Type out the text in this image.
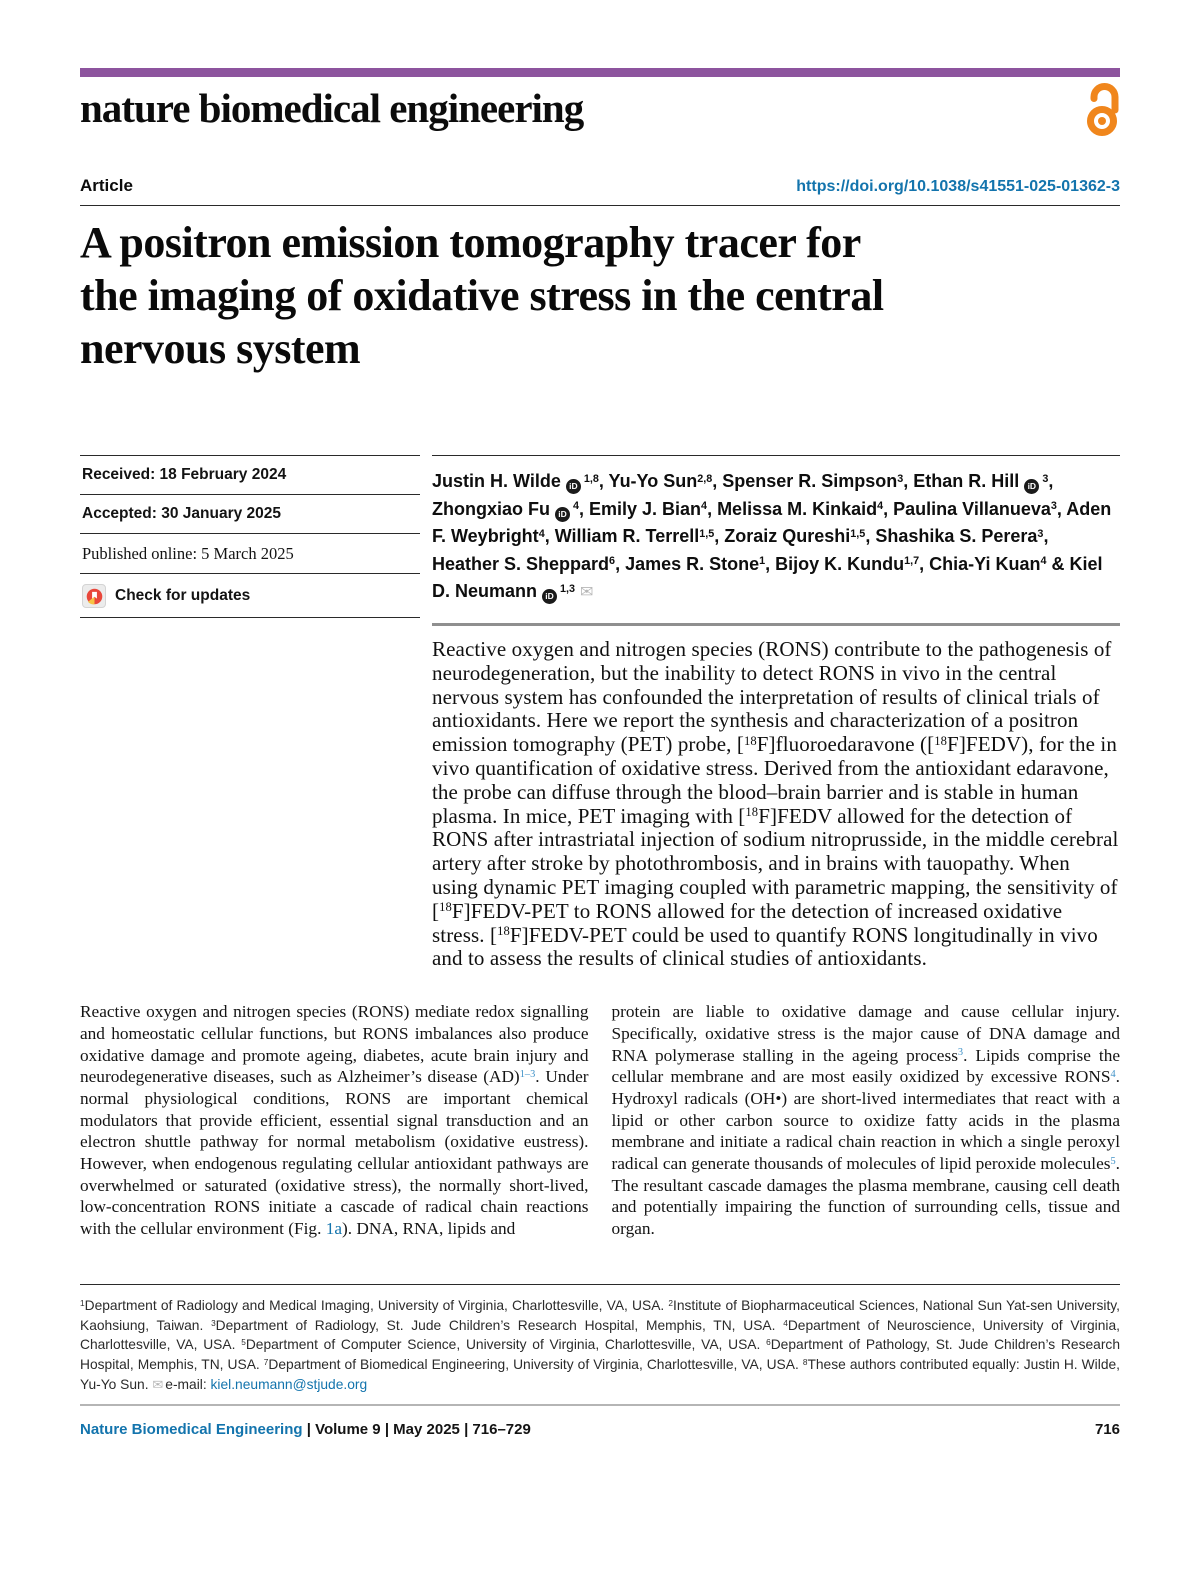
nature biomedical engineering
Article	https://doi.org/10.1038/s41551-025-01362-3
A positron emission tomography tracer for
the imaging of oxidative stress in the central
nervous system
Received: 18 February 2024
Accepted: 30 January 2025
Published online: 5 March 2025
Check for updates
Justin H. Wilde iD$^{1,8}$, Yu-Yo Sun$^{2,8}$, Spenser R. Simpson$^3$, Ethan R. Hill $iD^3$, Zhongxiao Fu $iD^4$, Emily J. Bian$^4$, Melissa M. Kinkaid$^4$, Paulina Villanueva$^3$, Aden F. Weybright$^4$, William R. Terrell$^{1,5}$, Zoraiz Qureshi$^{1,5}$, Shashika S. Perera$^3$, Heather S. Sheppard$^6$, James R. Stone$^1$, Bijoy K. Kundu$^{1,7}$, Chia-Yi Kuan$^4$ & Kiel D. Neumann iD$^{1,3}$ ✉
Reactive oxygen and nitrogen species (RONS) contribute to the pathogenesis of neurodegeneration, but the inability to detect RONS in vivo in the central nervous system has confounded the interpretation of results of clinical trials of antioxidants. Here we report the synthesis and characterization of a positron emission tomography (PET) probe, [$^{18}$F]fluoroedaravone ([$^{18}$F]FEDV), for the in vivo quantification of oxidative stress. Derived from the antioxidant edaravone, the probe can diffuse through the blood–brain barrier and is stable in human plasma. In mice, PET imaging with [$^{18}$F]FEDV allowed for the detection of RONS after intrastriatal injection of sodium nitroprusside, in the middle cerebral artery after stroke by photothrombosis, and in brains with tauopathy. When using dynamic PET imaging coupled with parametric mapping, the sensitivity of [$^{18}$F]FEDV-PET to RONS allowed for the detection of increased oxidative stress. [$^{18}$F]FEDV-PET could be used to quantify RONS longitudinally in vivo and to assess the results of clinical studies of antioxidants.
Reactive oxygen and nitrogen species (RONS) mediate redox signalling and homeostatic cellular functions, but RONS imbalances also produce oxidative damage and promote ageing, diabetes, acute brain injury and neurodegenerative diseases, such as Alzheimer’s disease (AD)$^{1-3}$. Under normal physiological conditions, RONS are important chemical modulators that provide efficient, essential signal transduction and an electron shuttle pathway for normal metabolism (oxidative eustress). However, when endogenous regulating cellular antioxidant pathways are overwhelmed or saturated (oxidative stress), the normally short-lived, low-concentration RONS initiate a cascade of radical chain reactions with the cellular environment (Fig. 1a). DNA, RNA, lipids and
protein are liable to oxidative damage and cause cellular injury. Specifically, oxidative stress is the major cause of DNA damage and RNA polymerase stalling in the ageing process$^3$. Lipids comprise the cellular membrane and are most easily oxidized by excessive RONS$^4$. Hydroxyl radicals (OH•) are short-lived intermediates that react with a lipid or other carbon source to oxidize fatty acids in the plasma membrane and initiate a radical chain reaction in which a single peroxyl radical can generate thousands of molecules of lipid peroxide molecules$^5$. The resultant cascade damages the plasma membrane, causing cell death and potentially impairing the function of surrounding cells, tissue and organ.
$^1$Department of Radiology and Medical Imaging, University of Virginia, Charlottesville, VA, USA. $^2$Institute of Biopharmaceutical Sciences, National Sun Yat-sen University, Kaohsiung, Taiwan. $^3$Department of Radiology, St. Jude Children’s Research Hospital, Memphis, TN, USA. $^4$Department of Neuroscience, University of Virginia, Charlottesville, VA, USA. $^5$Department of Computer Science, University of Virginia, Charlottesville, VA, USA. $^6$Department of Pathology, St. Jude Children’s Research Hospital, Memphis, TN, USA. $^7$Department of Biomedical Engineering, University of Virginia, Charlottesville, VA, USA. $^8$These authors contributed equally: Justin H. Wilde, Yu-Yo Sun. ✉ e-mail: kiel.neumann@stjude.org
Nature Biomedical Engineering | Volume 9 | May 2025 | 716–729	716
